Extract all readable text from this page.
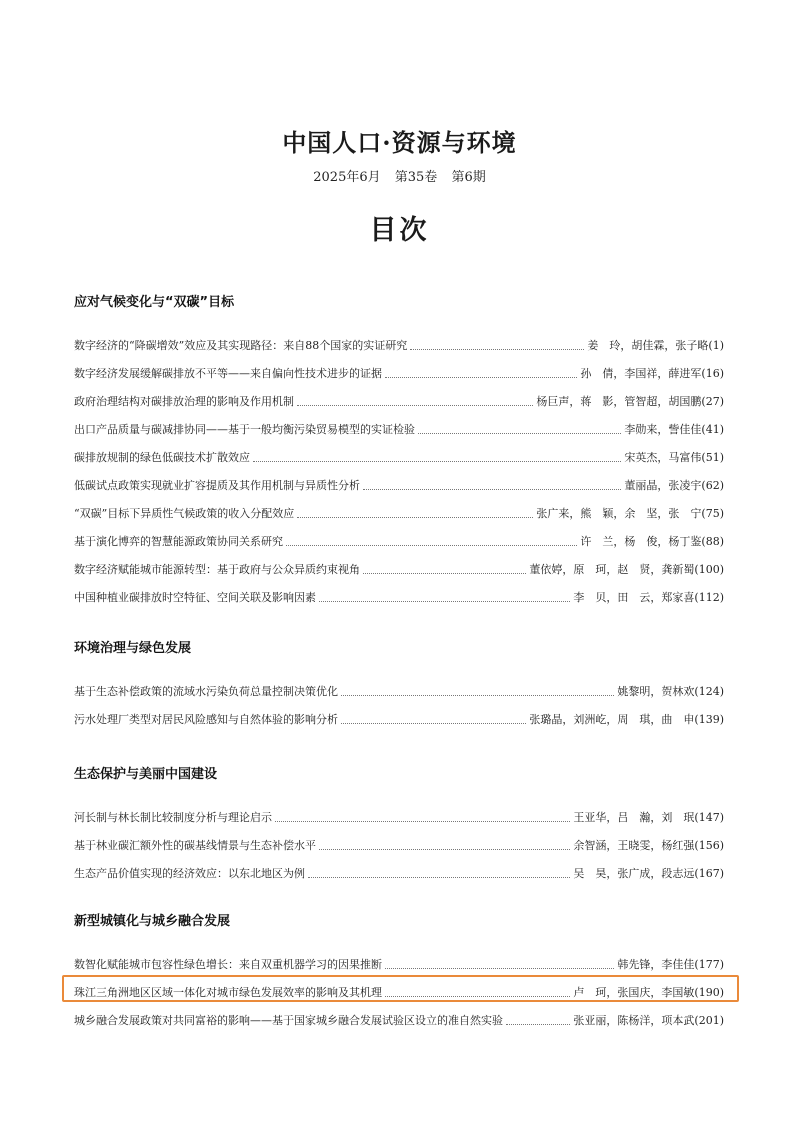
中国人口·资源与环境
2025年6月 第35卷 第6期
目次
应对气候变化与“双碳”目标
数字经济的“降碳增效”效应及其实现路径：来自88个国家的实证研究	姜　玲，胡佳霖，张子略 (1)
数字经济发展缓解碳排放不平等——来自偏向性技术进步的证据	孙　倩，李国祥，薛进军 (16)
政府治理结构对碳排放治理的影响及作用机制	杨巨声，蒋　影，管智超，胡国鹏 (27)
出口产品质量与碳减排协同——基于一般均衡污染贸易模型的实证检验	李勋来，訾佳佳 (41)
碳排放规制的绿色低碳技术扩散效应	宋英杰，马富伟 (51)
低碳试点政策实现就业扩容提质及其作用机制与异质性分析	董丽晶，张凌宇 (62)
“双碳”目标下异质性气候政策的收入分配效应	张广来，熊　颖，余　坚，张　宁 (75)
基于演化博弈的智慧能源政策协同关系研究	许　兰，杨　俊，杨丁鉴 (88)
数字经济赋能城市能源转型：基于政府与公众异质约束视角	董依婷，原　珂，赵　贤，龚新蜀 (100)
中国种植业碳排放时空特征、空间关联及影响因素	李　贝，田　云，郑家喜 (112)
环境治理与绿色发展
基于生态补偿政策的流域水污染负荷总量控制决策优化	姚黎明，贺林欢 (124)
污水处理厂类型对居民风险感知与自然体验的影响分析	张璐晶，刘洲屹，周　琪，曲　申 (139)
生态保护与美丽中国建设
河长制与林长制比较制度分析与理论启示	王亚华，吕　瀚，刘　珉 (147)
基于林业碳汇额外性的碳基线情景与生态补偿水平	余智涵，王晓雯，杨红强 (156)
生态产品价值实现的经济效应：以东北地区为例	吴　昊，张广成，段志远 (167)
新型城镇化与城乡融合发展
数智化赋能城市包容性绿色增长：来自双重机器学习的因果推断	韩先锋，李佳佳 (177)
珠江三角洲地区区域一体化对城市绿色发展效率的影响及其机理	卢　珂，张国庆，李国敏 (190)
城乡融合发展政策对共同富裕的影响——基于国家城乡融合发展试验区设立的准自然实验	张亚丽，陈杨洋，项本武 (201)
